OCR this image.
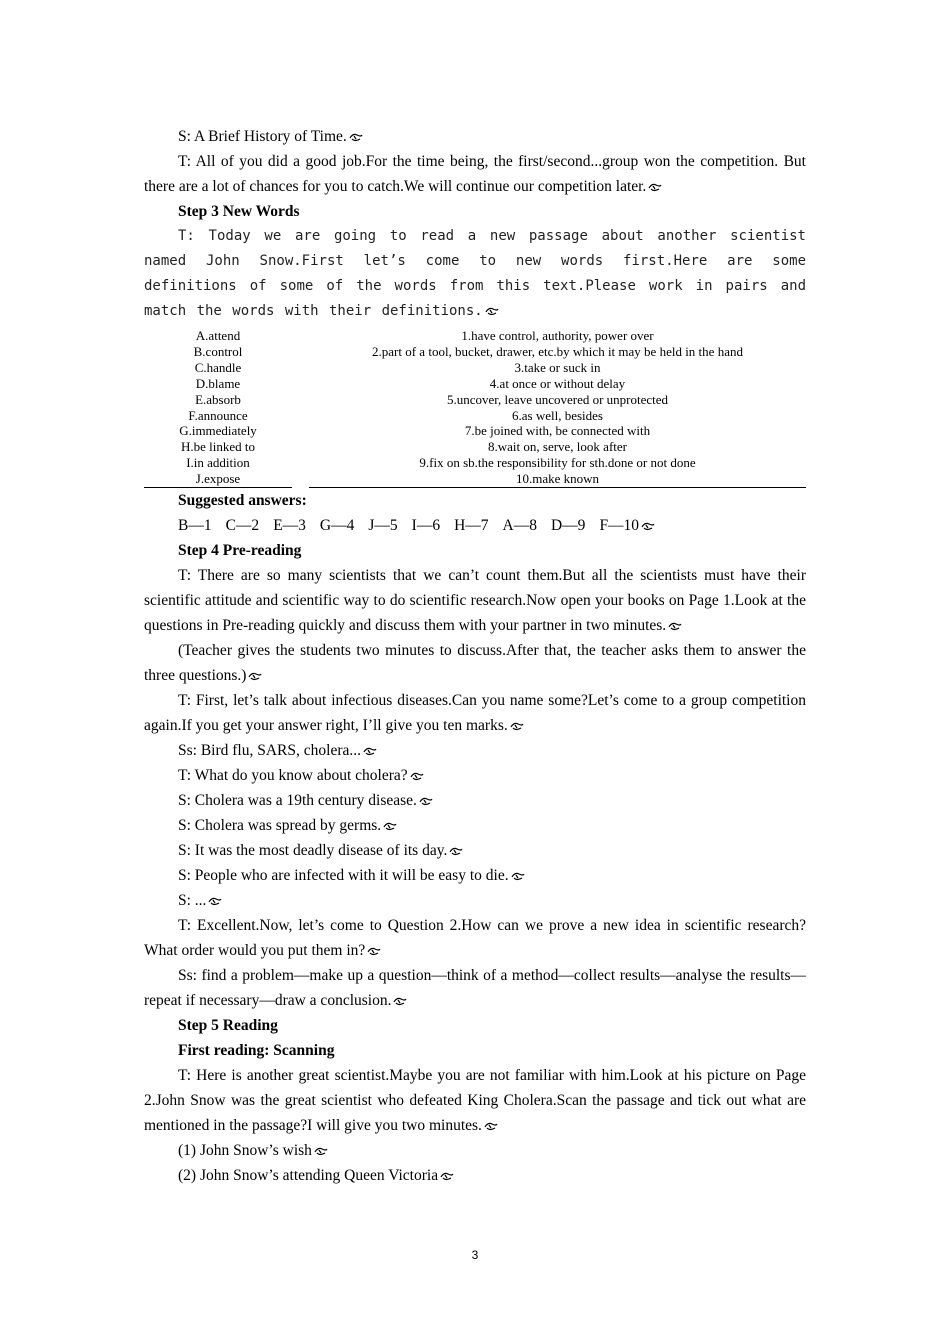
S: A Brief History of Time.

T: All of you did a good job.For the time being, the first/second...group won the competition. But there are a lot of chances for you to catch.We will continue our competition later.

Step 3 New Words

T: Today we are going to read a new passage about another scientist named John Snow.First let’s come to new words first.Here are some definitions of some of the words from this text.Please work in pairs and match the words with their definitions.

A.attend
B.control
C.handle
D.blame
E.absorb
F.announce
G.immediately
H.be linked to
I.in addition
J.expose
1.have control, authority, power over
2.part of a tool, bucket, drawer, etc.by which it may be held in the hand
3.take or suck in
4.at once or without delay
5.uncover, leave uncovered or unprotected
6.as well, besides
7.be joined with, be connected with
8.wait on, serve, look after
9.fix on sb.the responsibility for sth.done or not done
10.make known

Suggested answers:

B—1 C—2 E—3 G—4 J—5 I—6 H—7 A—8 D—9 F—10

Step 4 Pre-reading

T: There are so many scientists that we can’t count them.But all the scientists must have their scientific attitude and scientific way to do scientific research.Now open your books on Page 1.Look at the questions in Pre-reading quickly and discuss them with your partner in two minutes.

(Teacher gives the students two minutes to discuss.After that, the teacher asks them to answer the three questions.)

T: First, let’s talk about infectious diseases.Can you name some?Let’s come to a group competition again.If you get your answer right, I’ll give you ten marks.

Ss: Bird flu, SARS, cholera...

T: What do you know about cholera?

S: Cholera was a 19th century disease.

S: Cholera was spread by germs.

S: It was the most deadly disease of its day.

S: People who are infected with it will be easy to die.

S: ...

T: Excellent.Now, let’s come to Question 2.How can we prove a new idea in scientific research?What order would you put them in?

Ss: find a problem—make up a question—think of a method—collect results—analyse the results—repeat if necessary—draw a conclusion.

Step 5 Reading

First reading: Scanning

T: Here is another great scientist.Maybe you are not familiar with him.Look at his picture on Page 2.John Snow was the great scientist who defeated King Cholera.Scan the passage and tick out what are mentioned in the passage?I will give you two minutes.

(1) John Snow’s wish

(2) John Snow’s attending Queen Victoria

3
